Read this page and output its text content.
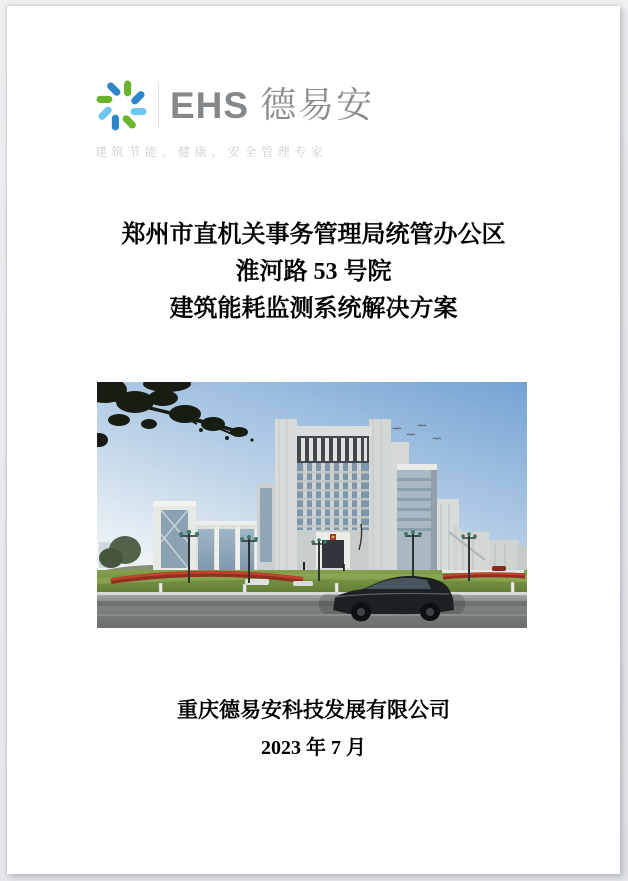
EHS 德易安
建筑节能、健康、安全管理专家
郑州市直机关事务管理局统管办公区
淮河路 53 号院
建筑能耗监测系统解决方案
重庆德易安科技发展有限公司
2023 年 7 月
